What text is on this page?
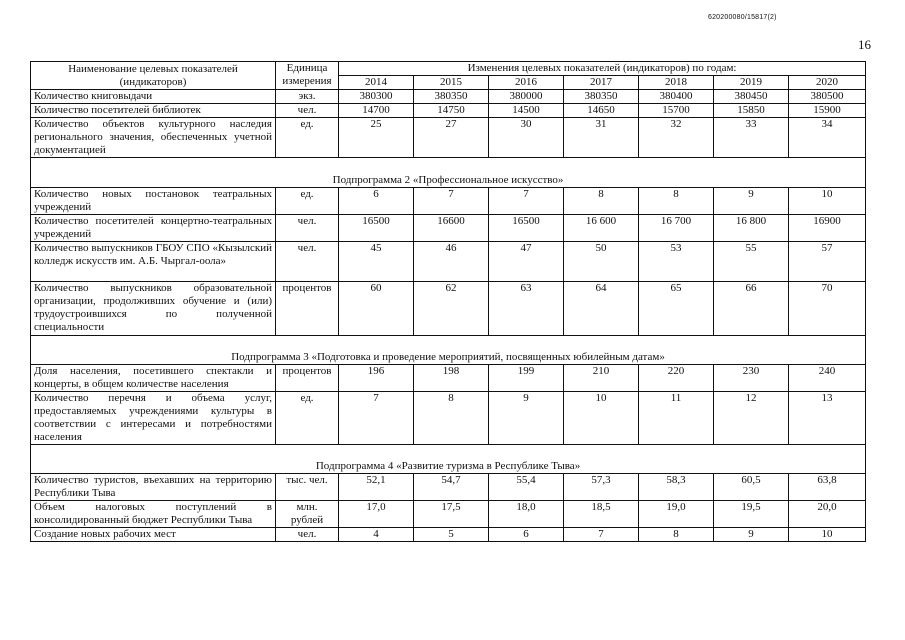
620200080/15817(2)
16
Наименование целевых показателей (индикаторов)	Единица измерения	Изменения целевых показателей (индикаторов) по годам:						
		2014	2015	2016	2017	2018	2019	2020
Количество книговыдачи	экз.	380300	380350	380000	380350	380400	380450	380500
Количество посетителей библиотек	чел.	14700	14750	14500	14650	15700	15850	15900
Количество объектов культурного наследия регионального значения, обеспеченных учетной документацией	ед.	25	27	30	31	32	33	34
Подпрограмма 2 «Профессиональное искусство»								
Количество новых постановок театральных учреждений	ед.	6	7	7	8	8	9	10
Количество посетителей концертно-театральных учреждений	чел.	16500	16600	16500	16 600	16 700	16 800	16900
Количество выпускников ГБОУ СПО «Кызылский колледж искусств им. А.Б. Чыргал-оола»	чел.	45	46	47	50	53	55	57
Количество выпускников образовательной организации, продолживших обучение и (или) трудоустроившихся по полученной специальности	процентов	60	62	63	64	65	66	70
Подпрограмма 3 «Подготовка и проведение мероприятий, посвященных юбилейным датам»								
Доля населения, посетившего спектакли и концерты, в общем количестве населения	процентов	196	198	199	210	220	230	240
Количество перечня и объема услуг, предоставляемых учреждениями культуры в соответствии с интересами и потребностями населения	ед.	7	8	9	10	11	12	13
Подпрограмма 4 «Развитие туризма в Республике Тыва»								
Количество туристов, въехавших на территорию Республики Тыва	тыс. чел.	52,1	54,7	55,4	57,3	58,3	60,5	63,8
Объем налоговых поступлений в консолидированный бюджет Республики Тыва	млн. рублей	17,0	17,5	18,0	18,5	19,0	19,5	20,0
Создание новых рабочих мест	чел.	4	5	6	7	8	9	10
